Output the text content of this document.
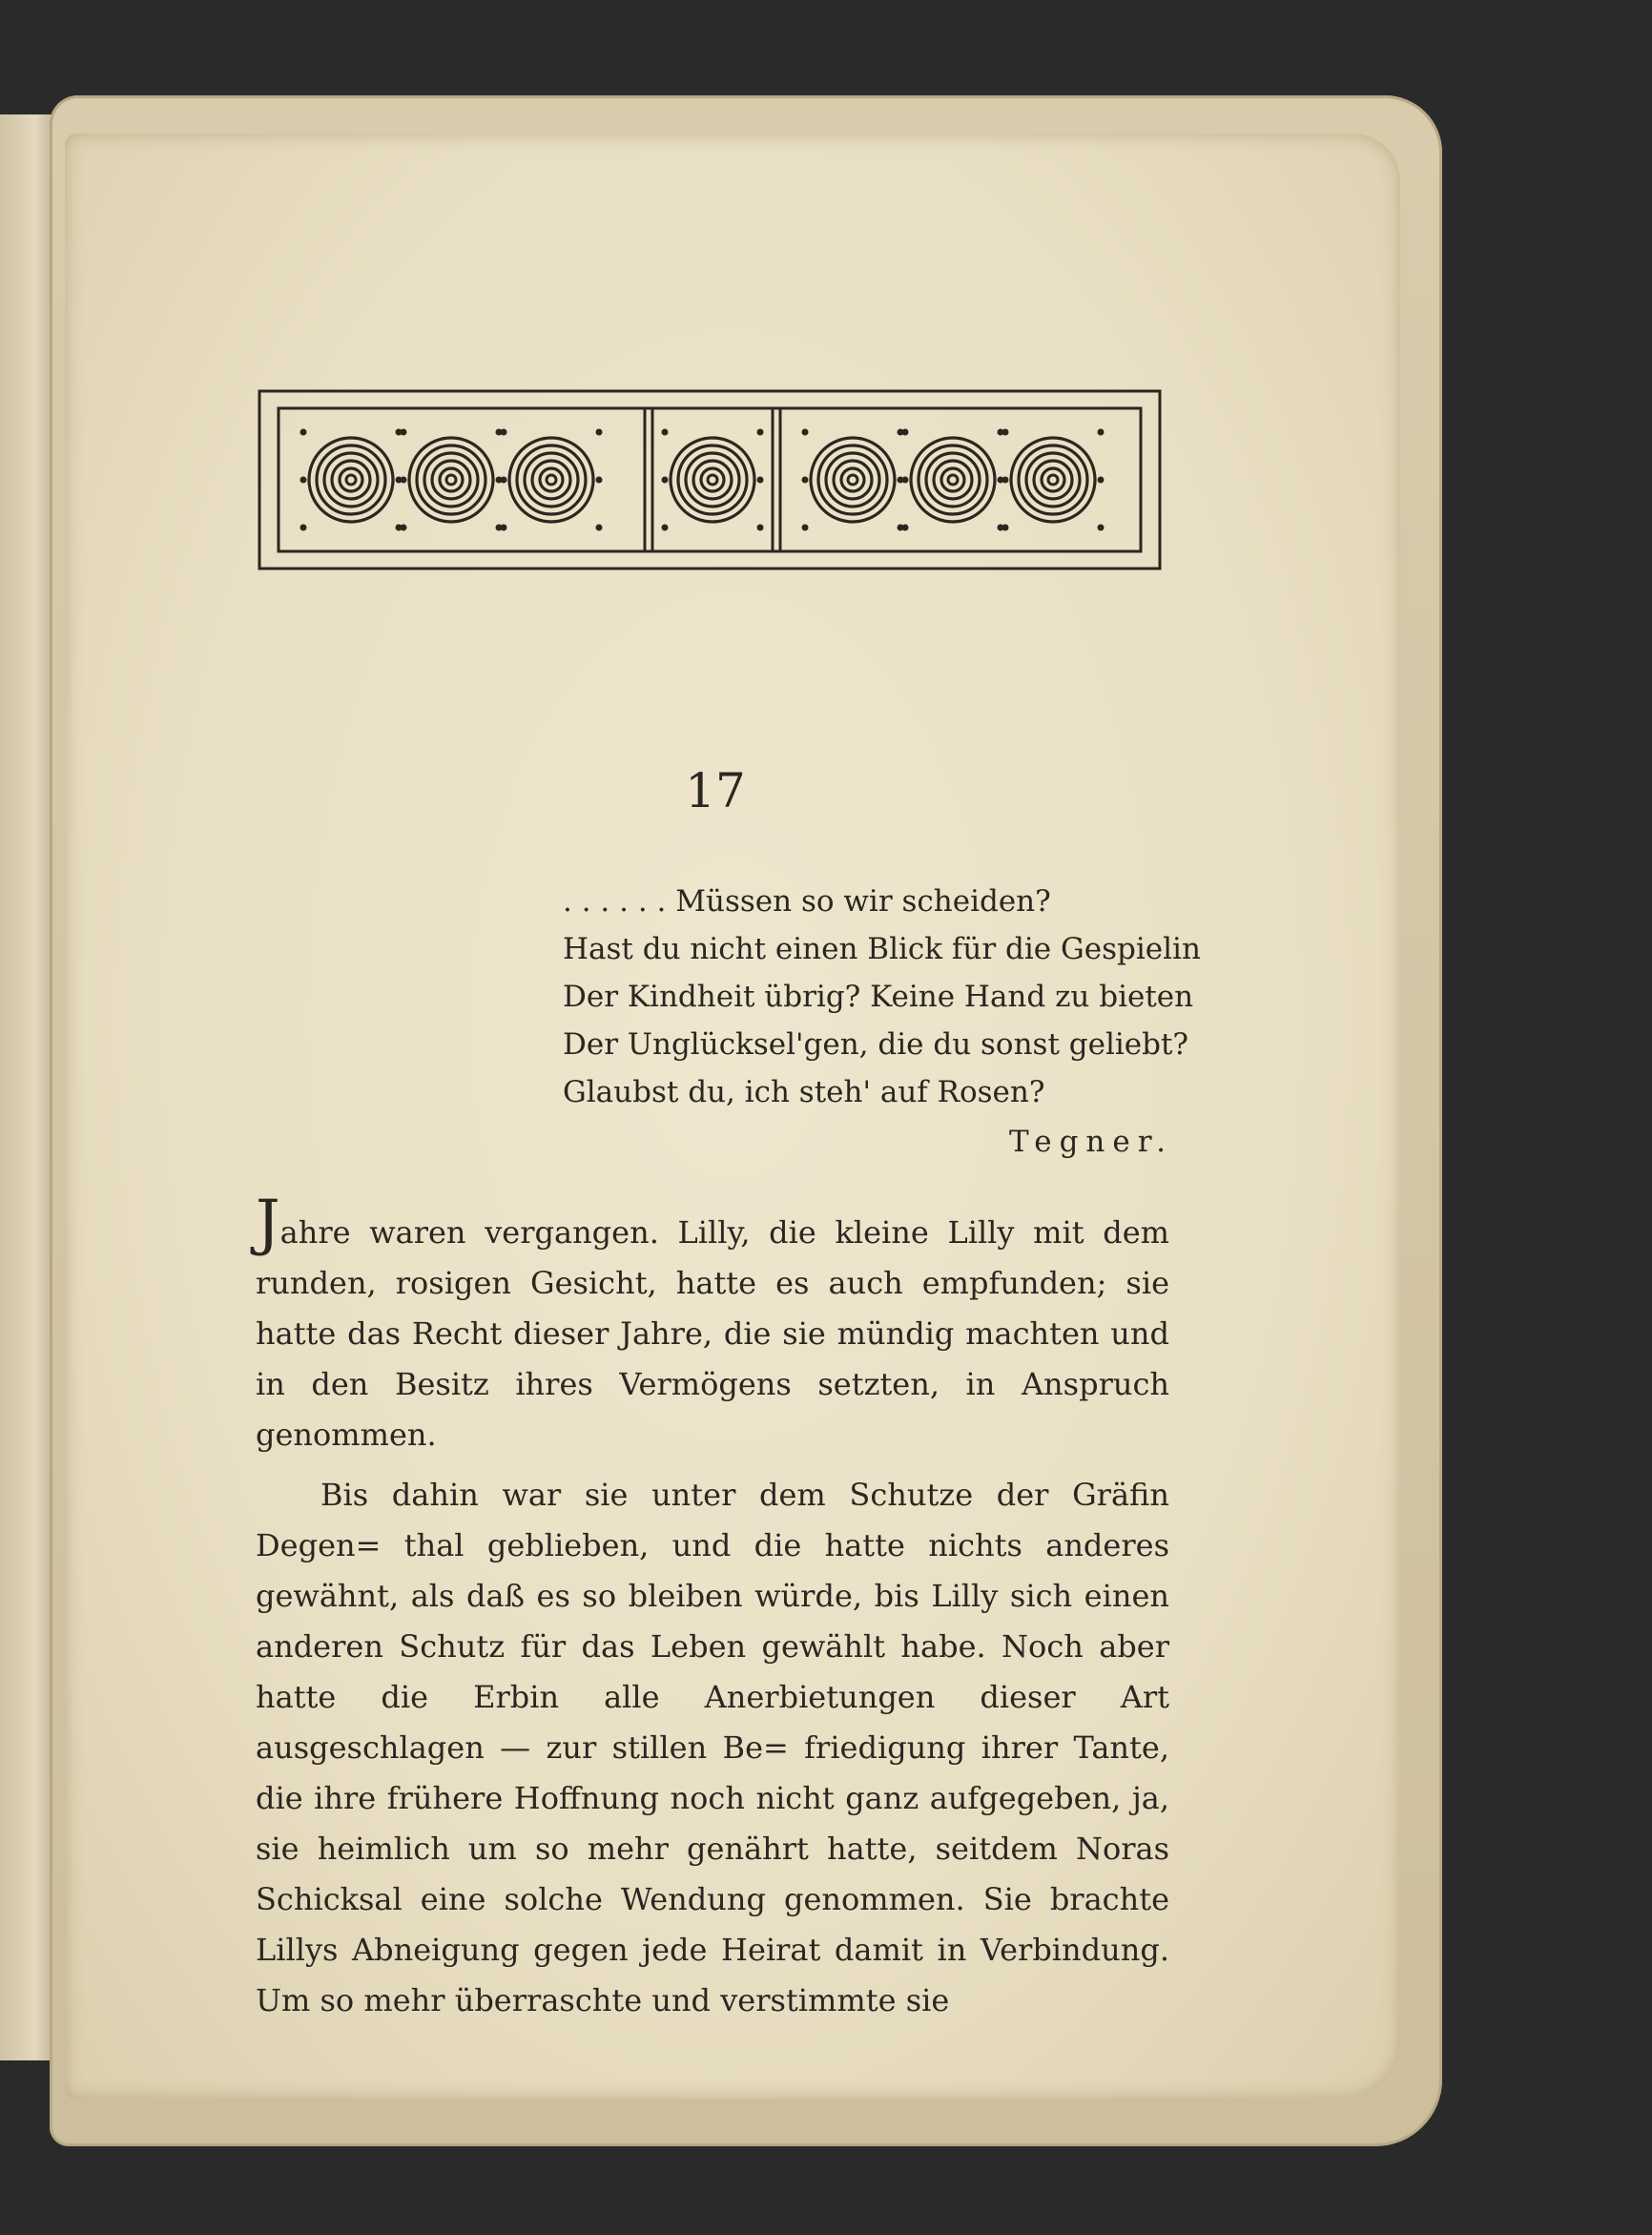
17
. . . . . . Müssen so wir scheiden?
Hast du nicht einen Blick für die Gespielin
Der Kindheit übrig? Keine Hand zu bieten
Der Unglücksel'gen, die du sonst geliebt?
Glaubst du, ich steh' auf Rosen?
Tegner.

Jahre waren vergangen. Lilly, die kleine Lilly mit dem runden, rosigen Gesicht, hatte es auch empfunden; sie hatte das Recht dieser Jahre, die sie mündig machten und in den Besitz ihres Vermögens setzten, in Anspruch genommen.

Bis dahin war sie unter dem Schutze der Gräfin Degen= thal geblieben, und die hatte nichts anderes gewähnt, als daß es so bleiben würde, bis Lilly sich einen anderen Schutz für das Leben gewählt habe. Noch aber hatte die Erbin alle Anerbietungen dieser Art ausgeschlagen — zur stillen Be= friedigung ihrer Tante, die ihre frühere Hoffnung noch nicht ganz aufgegeben, ja, sie heimlich um so mehr genährt hatte, seitdem Noras Schicksal eine solche Wendung genommen. Sie brachte Lillys Abneigung gegen jede Heirat damit in Verbindung. Um so mehr überraschte und verstimmte sie
